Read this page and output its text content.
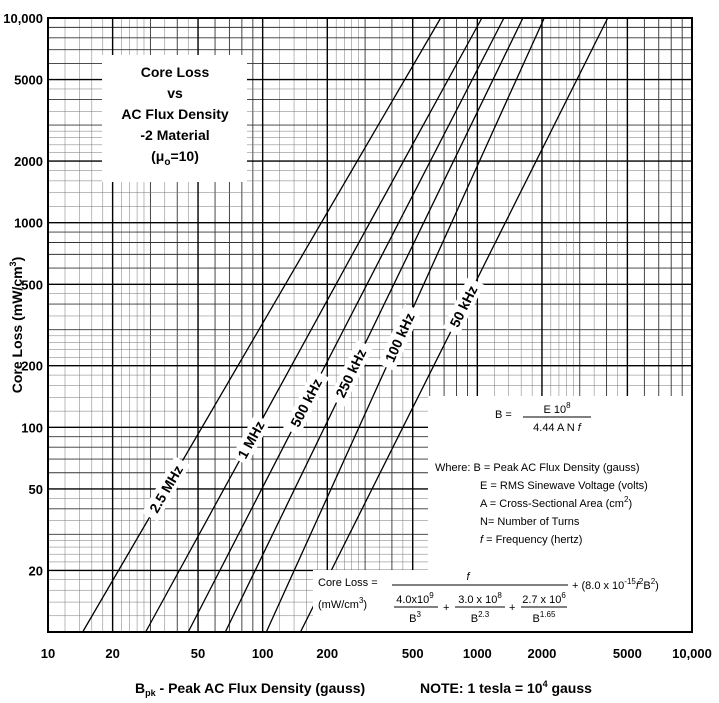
2.5 MHz
1 MHz
500 kHz
250 kHz
100 kHz
50 kHz
10	20	50	100	200	500	1000	2000	5000 10,000
10,000
5000
2000
1000
500
200
100
50
20
Core Loss $(mW/cm^3)$
$B_{pk}$ - Peak AC Flux Density (gauss)	NOTE: 1 tesla = $10^4$ gauss
Core Loss
vs
AC Flux Density
-2 Material
$(\mu_o=10)$
B =	E $10^8$
4.44 A N f
Where: B = Peak AC Flux Density (gauss)
E = RMS Sinewave Voltage (volts)
A = Cross-Sectional Area $(cm^2)$
N= Number of Turns
f = Frequency (hertz)
Core Loss =
$(mW/cm^3)$
f
$4.0x10^9$
$B^3$
+
3.0 x $10^8$
$B^{2.3}$
+
2.7 x $10^6$
$B^{1.65}$
+ (8.0 x $10^{-15}f^2B^2$)
